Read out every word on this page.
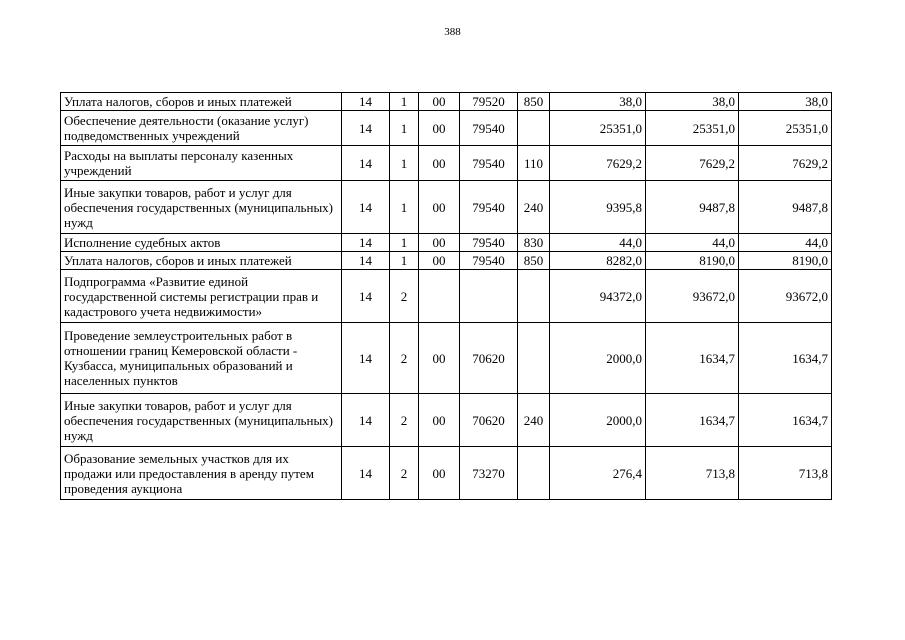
388
Уплата налогов, сборов и иных платежей	14	1	00	79520	850	38,0	38,0	38,0
Обеспечение деятельности (оказание услуг) подведомственных учреждений	14	1	00	79540		25351,0	25351,0	25351,0
Расходы на выплаты персоналу казенных учреждений	14	1	00	79540	110	7629,2	7629,2	7629,2
Иные закупки товаров, работ и услуг для обеспечения государственных (муниципальных) нужд	14	1	00	79540	240	9395,8	9487,8	9487,8
Исполнение судебных актов	14	1	00	79540	830	44,0	44,0	44,0
Уплата налогов, сборов и иных платежей	14	1	00	79540	850	8282,0	8190,0	8190,0
Подпрограмма «Развитие единой государственной системы регистрации прав и кадастрового учета недвижимости»	14	2				94372,0	93672,0	93672,0
Проведение землеустроительных работ в отношении границ Кемеровской области - Кузбасса, муниципальных образований и населенных пунктов	14	2	00	70620		2000,0	1634,7	1634,7
Иные закупки товаров, работ и услуг для обеспечения государственных (муниципальных) нужд	14	2	00	70620	240	2000,0	1634,7	1634,7
Образование земельных участков для их продажи или предоставления в аренду путем проведения аукциона	14	2	00	73270		276,4	713,8	713,8
